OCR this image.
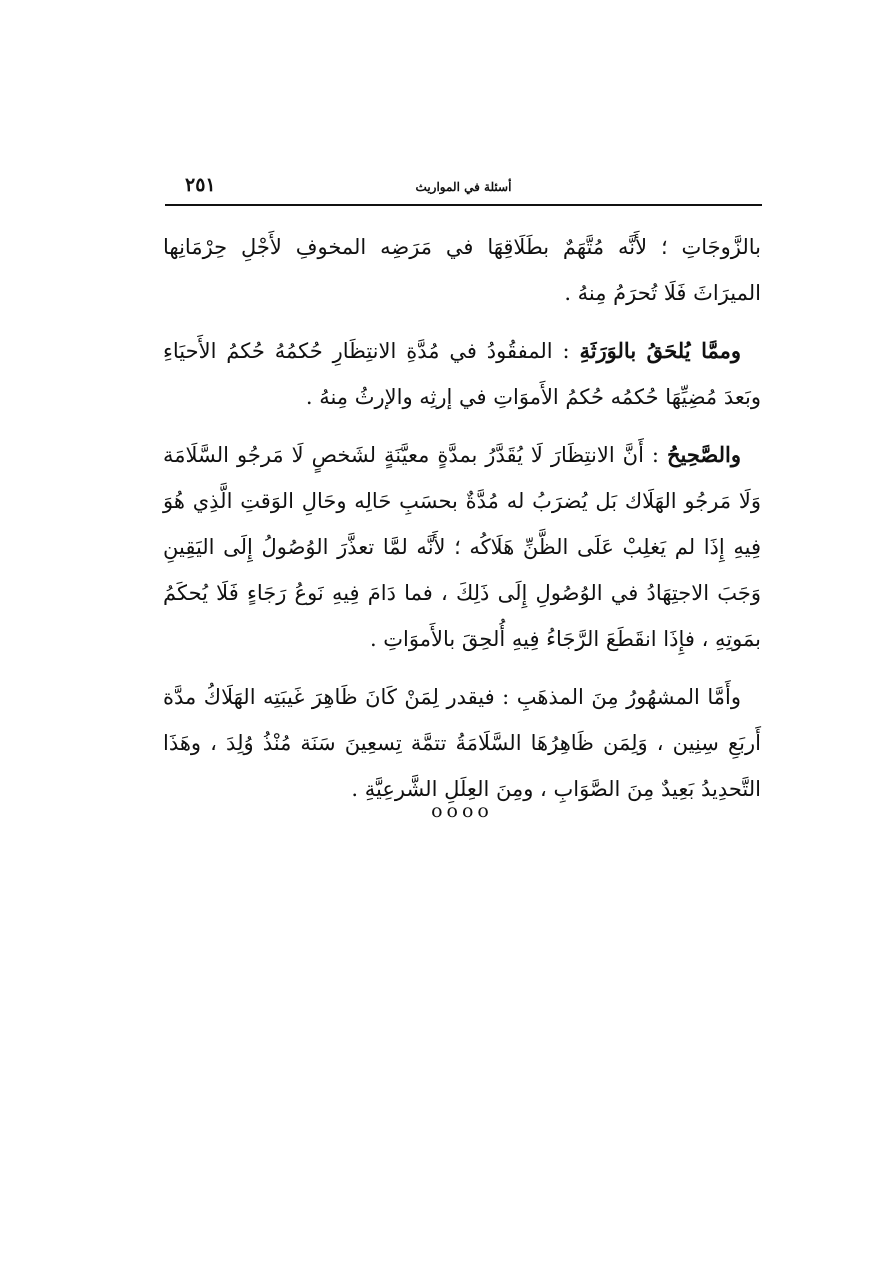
٢٥١	أسئلة في المواريث

بالزَّوجَاتِ ؛ لأَنَّه مُتَّهَمٌ بطَلَاقِهَا في مَرَضِه المخوفِ لأَجْلِ حِرْمَانِها الميرَاثَ فَلَا تُحرَمُ مِنهُ .

وممَّا يُلحَقُ بالوَرَثَةِ : المفقُودُ في مُدَّةِ الانتِظَارِ حُكمُهُ حُكمُ الأَحيَاءِ وبَعدَ مُضِيِّهَا حُكمُه حُكمُ الأَموَاتِ في إرثِه والإرثُ مِنهُ .

والصَّحِيحُ : أَنَّ الانتِظَارَ لَا يُقَدَّرُ بمدَّةٍ معيَّنَةٍ لشَخصٍ لَا مَرجُو السَّلَامَة وَلَا مَرجُو الهَلَاك بَل يُضرَبُ له مُدَّةٌ بحسَبِ حَالِه وحَالِ الوَقتِ الَّذِي هُوَ فِيهِ إِذَا لم يَغلِبْ عَلَى الظَّنِّ هَلَاكُه ؛ لأَنَّه لمَّا تعذَّرَ الوُصُولُ إِلَى اليَقِينِ وَجَبَ الاجتِهَادُ في الوُصُولِ إِلَى ذَلِكَ ، فما دَامَ فِيهِ نَوعُ رَجَاءٍ فَلَا يُحكَمُ بمَوتِهِ ، فإِذَا انقَطَعَ الرَّجَاءُ فِيهِ أُلحِقَ بالأَموَاتِ .

وأَمَّا المشهُورُ مِنَ المذهَبِ : فيقدر لِمَنْ كَانَ ظَاهِرَ غَيبَتِه الهَلَاكُ مدَّة أَربَعِ سِنِين ، وَلِمَن ظَاهِرُهَا السَّلَامَةُ تتمَّة تِسعِينَ سَنَة مُنْذُ وُلِدَ ، وهَذَا التَّحدِيدُ بَعِيدٌ مِنَ الصَّوَابِ ، ومِنَ العِلَلِ الشَّرعِيَّةِ .

oooo
